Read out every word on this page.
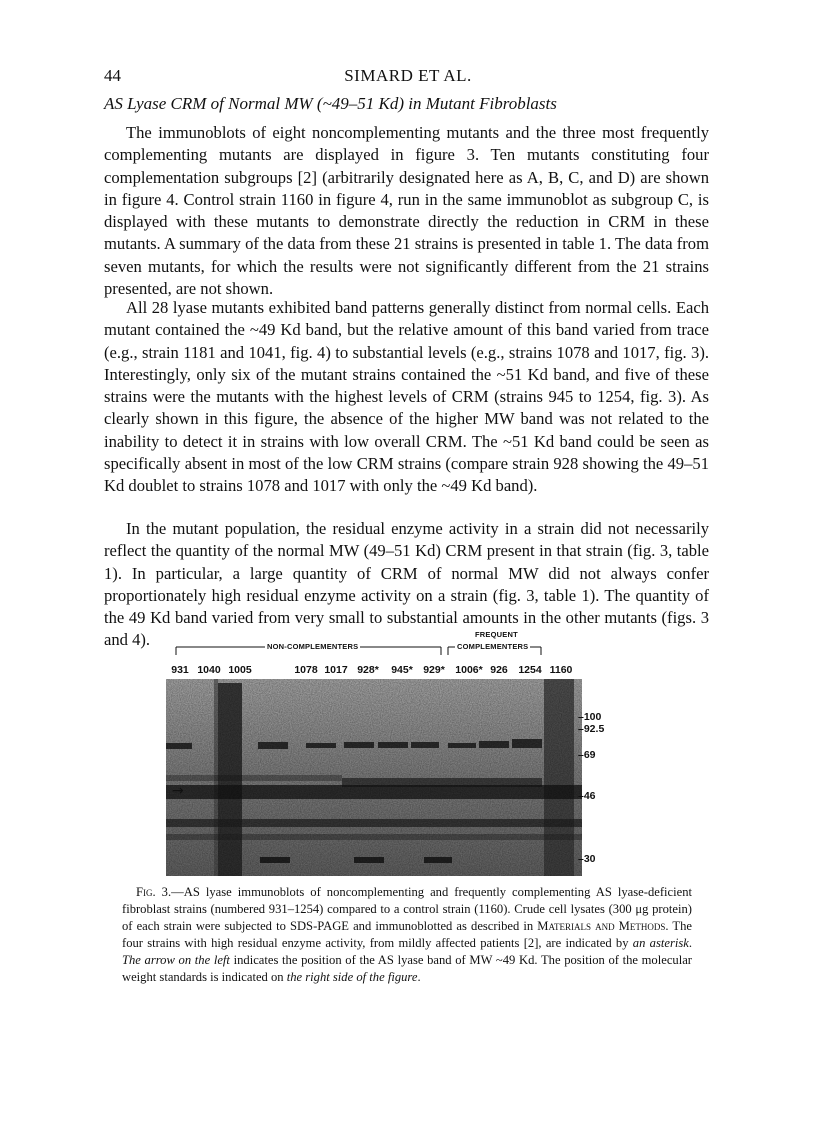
44	SIMARD ET AL.
AS Lyase CRM of Normal MW (~49–51 Kd) in Mutant Fibroblasts

The immunoblots of eight noncomplementing mutants and the three most frequently complementing mutants are displayed in figure 3. Ten mutants constituting four complementation subgroups [2] (arbitrarily designated here as A, B, C, and D) are shown in figure 4. Control strain 1160 in figure 4, run in the same immunoblot as subgroup C, is displayed with these mutants to demonstrate directly the reduction in CRM in these mutants. A summary of the data from these 21 strains is presented in table 1. The data from seven mutants, for which the results were not significantly different from the 21 strains presented, are not shown.

All 28 lyase mutants exhibited band patterns generally distinct from normal cells. Each mutant contained the ~49 Kd band, but the relative amount of this band varied from trace (e.g., strain 1181 and 1041, fig. 4) to substantial levels (e.g., strains 1078 and 1017, fig. 3). Interestingly, only six of the mutant strains contained the ~51 Kd band, and five of these strains were the mutants with the highest levels of CRM (strains 945 to 1254, fig. 3). As clearly shown in this figure, the absence of the higher MW band was not related to the inability to detect it in strains with low overall CRM. The ~51 Kd band could be seen as specifically absent in most of the low CRM strains (compare strain 928 showing the 49–51 Kd doublet to strains 1078 and 1017 with only the ~49 Kd band).

In the mutant population, the residual enzyme activity in a strain did not necessarily reflect the quantity of the normal MW (49–51 Kd) CRM present in that strain (fig. 3, table 1). In particular, a large quantity of CRM of normal MW did not always confer proportionately high residual enzyme activity on a strain (fig. 3, table 1). The quantity of the 49 Kd band varied from very small to substantial amounts in the other mutants (figs. 3 and 4).	NON-COMPLEMENTERS
FREQUENT
COMPLEMENTERS
931 1040 1005	1078 1017 928* 945* 929* 1006* 926 1254 1160
→
–100
–92.5
–69
–46
–30

Fig. 3.—AS lyase immunoblots of noncomplementing and frequently complementing AS lyase-deficient fibroblast strains (numbered 931–1254) compared to a control strain (1160). Crude cell lysates (300 μg protein) of each strain were subjected to SDS-PAGE and immunoblotted as described in Materials and Methods. The four strains with high residual enzyme activity, from mildly affected patients [2], are indicated by an asterisk. The arrow on the left indicates the position of the AS lyase band of MW ~49 Kd. The position of the molecular weight standards is indicated on the right side of the figure.
